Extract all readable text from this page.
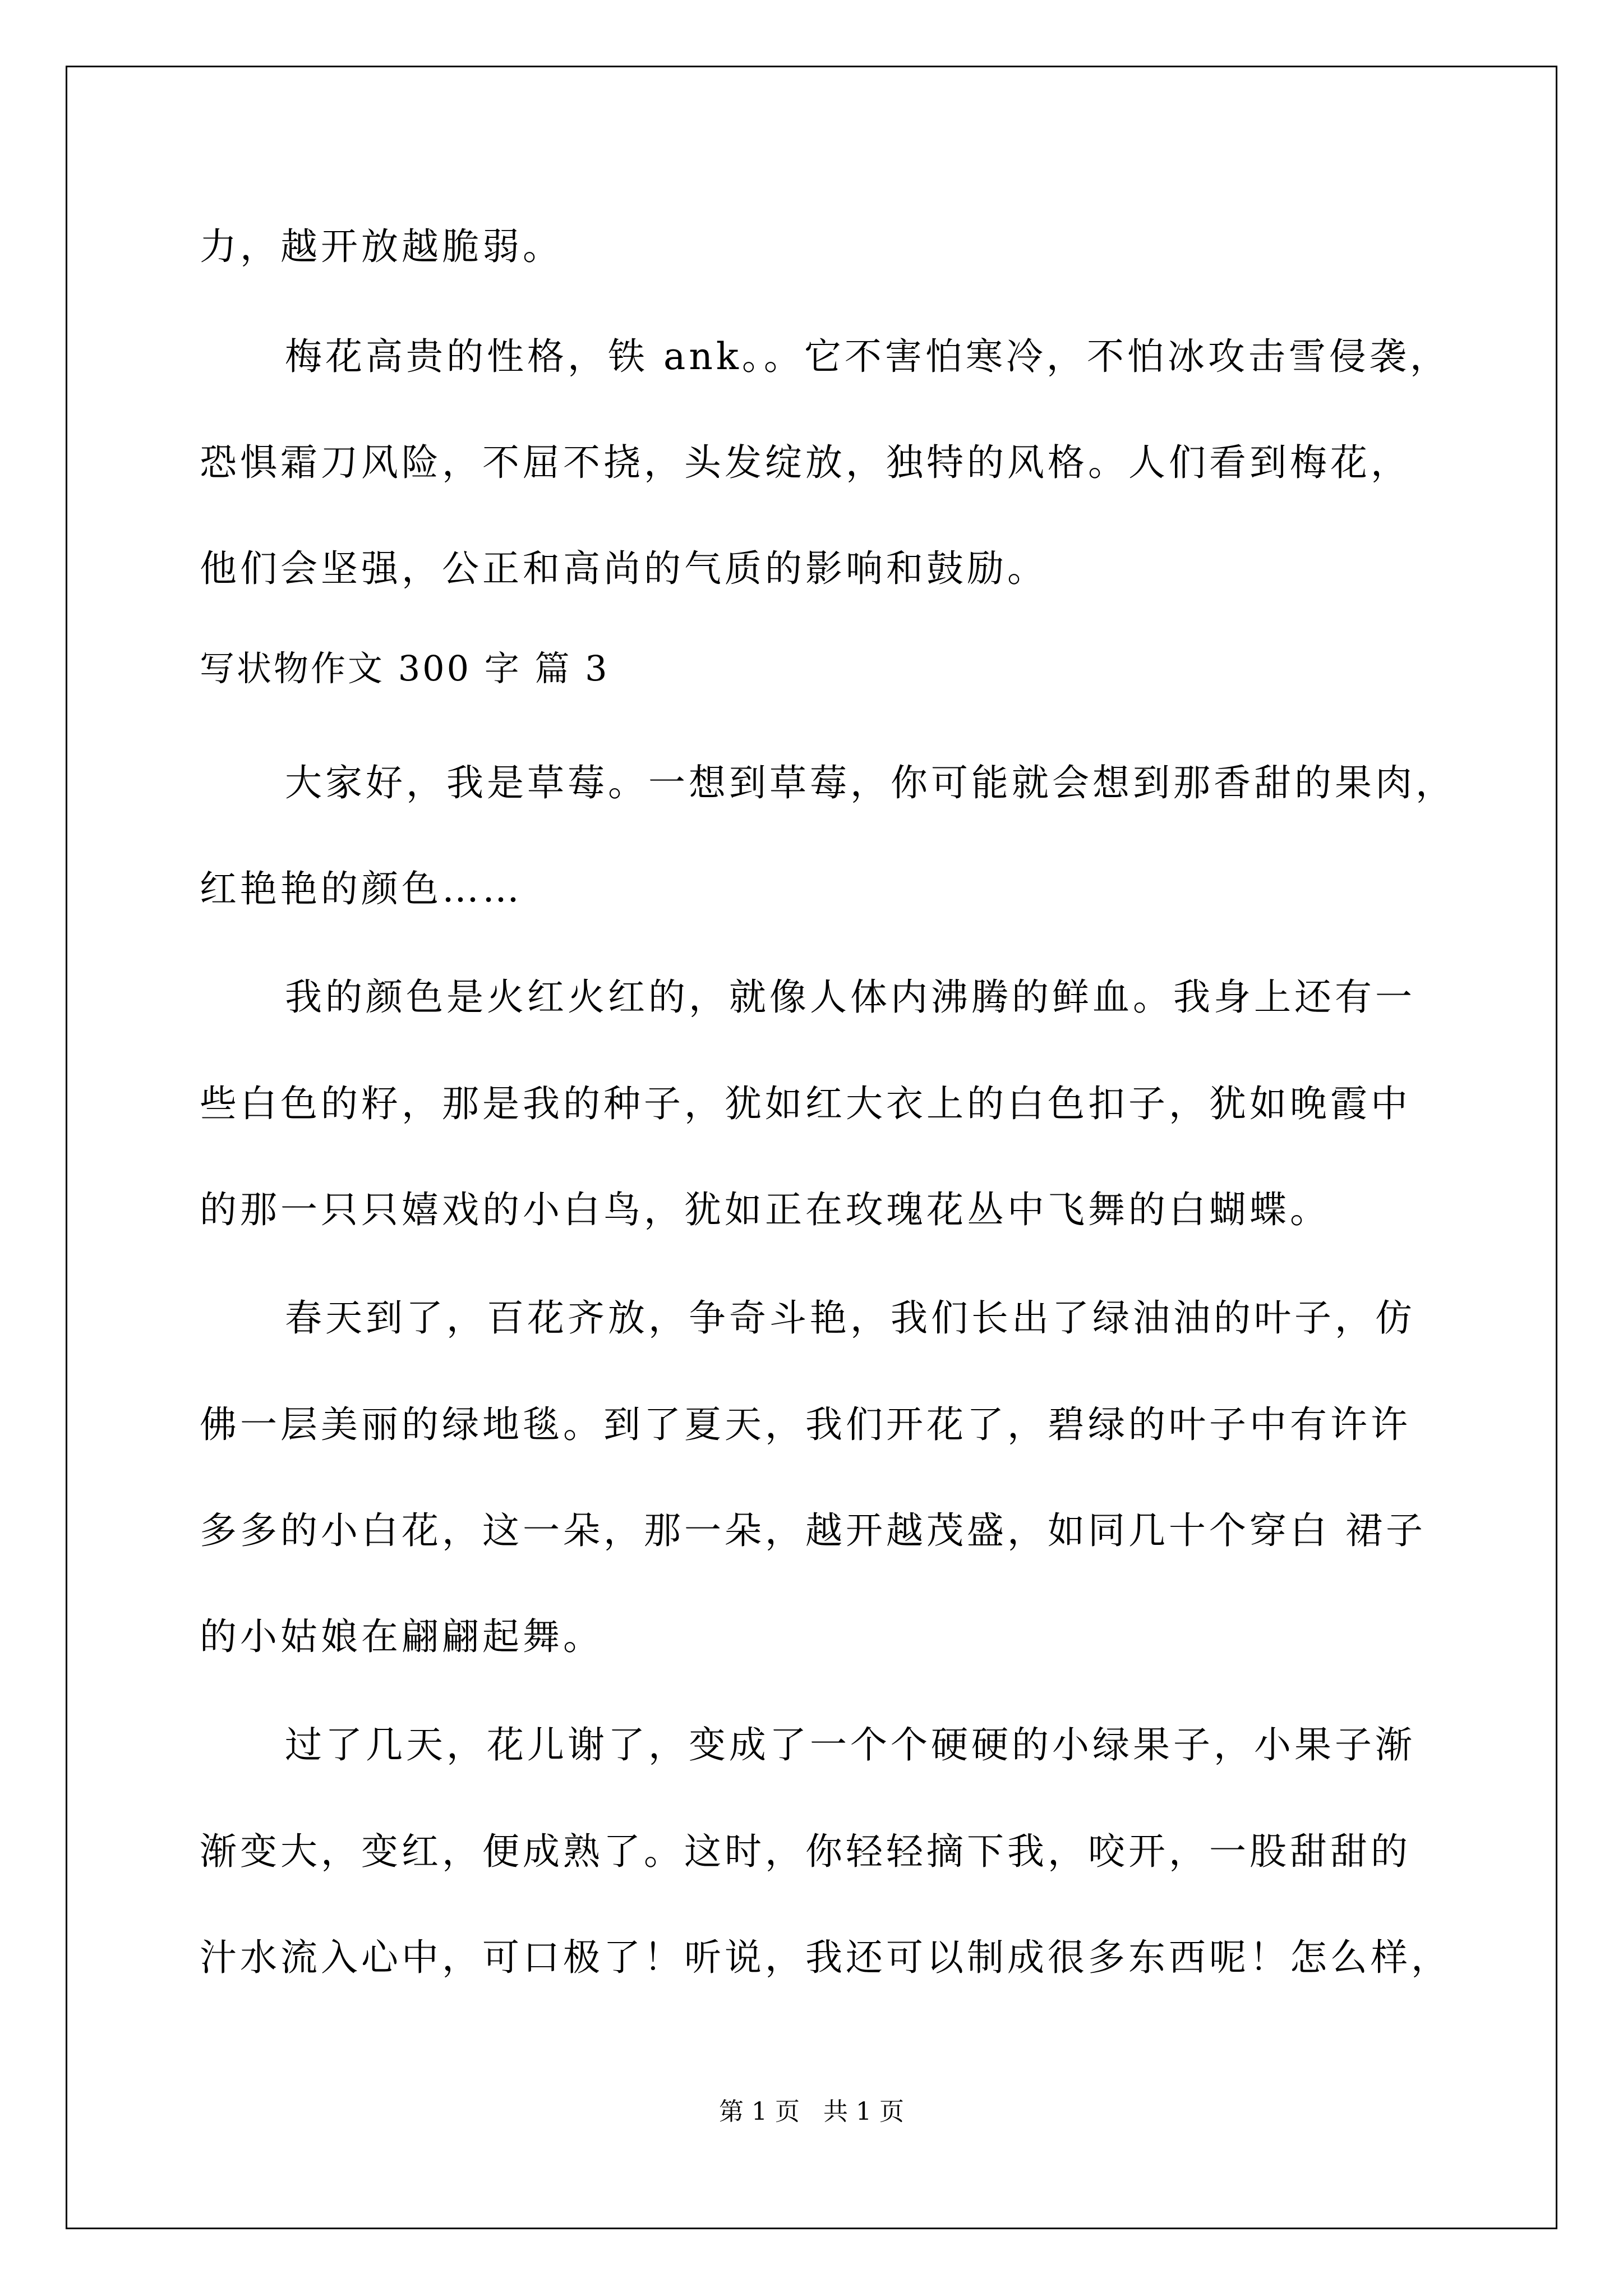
力，越开放越脆弱。
梅花高贵的性格，铁 ank。。它不害怕寒冷，不怕冰攻击雪侵袭，
恐惧霜刀风险，不屈不挠，头发绽放，独特的风格。人们看到梅花，
他们会坚强，公正和高尚的气质的影响和鼓励。
写状物作文 300 字 篇 3
大家好，我是草莓。一想到草莓，你可能就会想到那香甜的果肉，
红艳艳的颜色……
我的颜色是火红火红的，就像人体内沸腾的鲜血。我身上还有一
些白色的籽，那是我的种子，犹如红大衣上的白色扣子，犹如晚霞中
的那一只只嬉戏的小白鸟，犹如正在玫瑰花丛中飞舞的白蝴蝶。
春天到了，百花齐放，争奇斗艳，我们长出了绿油油的叶子，仿
佛一层美丽的绿地毯。到了夏天，我们开花了，碧绿的叶子中有许许
多多的小白花，这一朵，那一朵，越开越茂盛，如同几十个穿白 裙子
的小姑娘在翩翩起舞。
过了几天，花儿谢了，变成了一个个硬硬的小绿果子，小果子渐
渐变大，变红，便成熟了。这时，你轻轻摘下我，咬开，一股甜甜的
汁水流入心中，可口极了！听说，我还可以制成很多东西呢！怎么样，
第 1 页   共 1 页
